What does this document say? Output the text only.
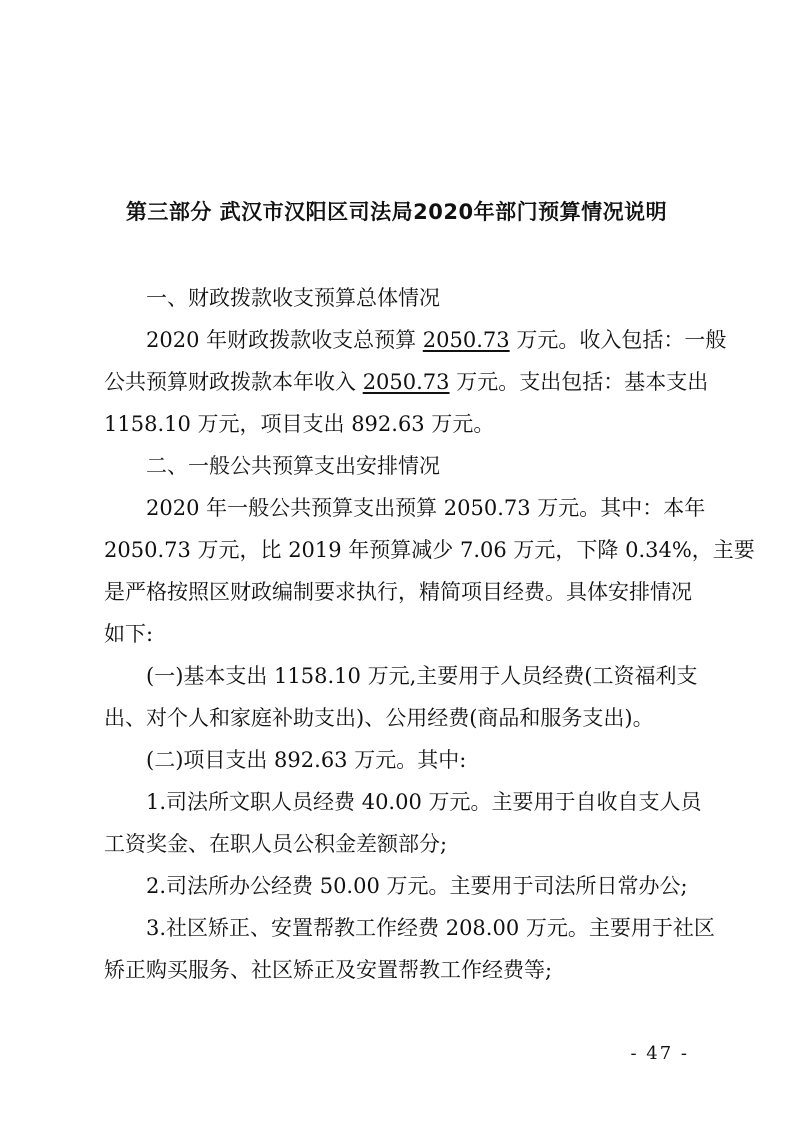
第三部分 武汉市汉阳区司法局2020年部门预算情况说明
一、财政拨款收支预算总体情况
2020 年财政拨款收支总预算 2050.73 万元。收入包括：一般
公共预算财政拨款本年收入 2050.73 万元。支出包括：基本支出
1158.10 万元，项目支出 892.63 万元。
二、一般公共预算支出安排情况
2020 年一般公共预算支出预算 2050.73 万元。其中：本年
2050.73 万元，比 2019 年预算减少 7.06 万元，下降 0.34%，主要
是严格按照区财政编制要求执行，精简项目经费。具体安排情况
如下:
(一)基本支出 1158.10 万元,主要用于人员经费(工资福利支
出、对个人和家庭补助支出)、公用经费(商品和服务支出)。
(二)项目支出 892.63 万元。其中:
1.司法所文职人员经费 40.00 万元。主要用于自收自支人员
工资奖金、在职人员公积金差额部分;
2.司法所办公经费 50.00 万元。主要用于司法所日常办公;
3.社区矫正、安置帮教工作经费 208.00 万元。主要用于社区
矫正购买服务、社区矫正及安置帮教工作经费等;
- 47 -
